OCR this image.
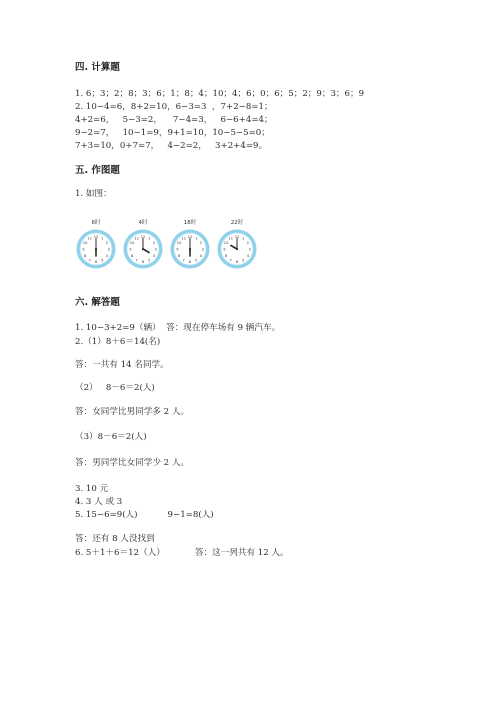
四. 计算题
1. 6；3；2；8；3；6；1；8；4；10；4；6；0；6；5；2；9；3；6；9
2. 10−4=6，8+2=10，6−3=3  ，7+2−8=1；
4+2=6，   5−3=2，    7−4=3，   6−6+4=4；
9−2=7，   10−1=9，9+1=10，10−5−5=0；
7+3=10，0+7=7，   4−2=2，   3+2+4=9。
五. 作图题
1. 如图：
6时
1
2
3
4
5
6
7
8
9
10
11 12
4时
1
2
3
4
5
6
7
8
9
10
11 12
18时
1
2
3
4
5
6
7
8
9
10
11 12
22时
1
2
3
4
5
6
7
8
9
10
11 12
六. 解答题
1. 10−3+2=9（辆）  答：现在停车场有 9 辆汽车。
2.（1）8＋6＝14(名)
答：一共有 14 名同学。
（2）   8－6＝2(人)
答：女同学比男同学多 2 人。
（3）8－6＝2(人)
答：男同学比女同学少 2 人。
3. 10 元
4. 3 人 或 3
5. 15−6=9(人)           9−1=8(人)
答：还有 8 人没找到
6. 5＋1＋6＝12（人）           答：这一列共有 12 人。
